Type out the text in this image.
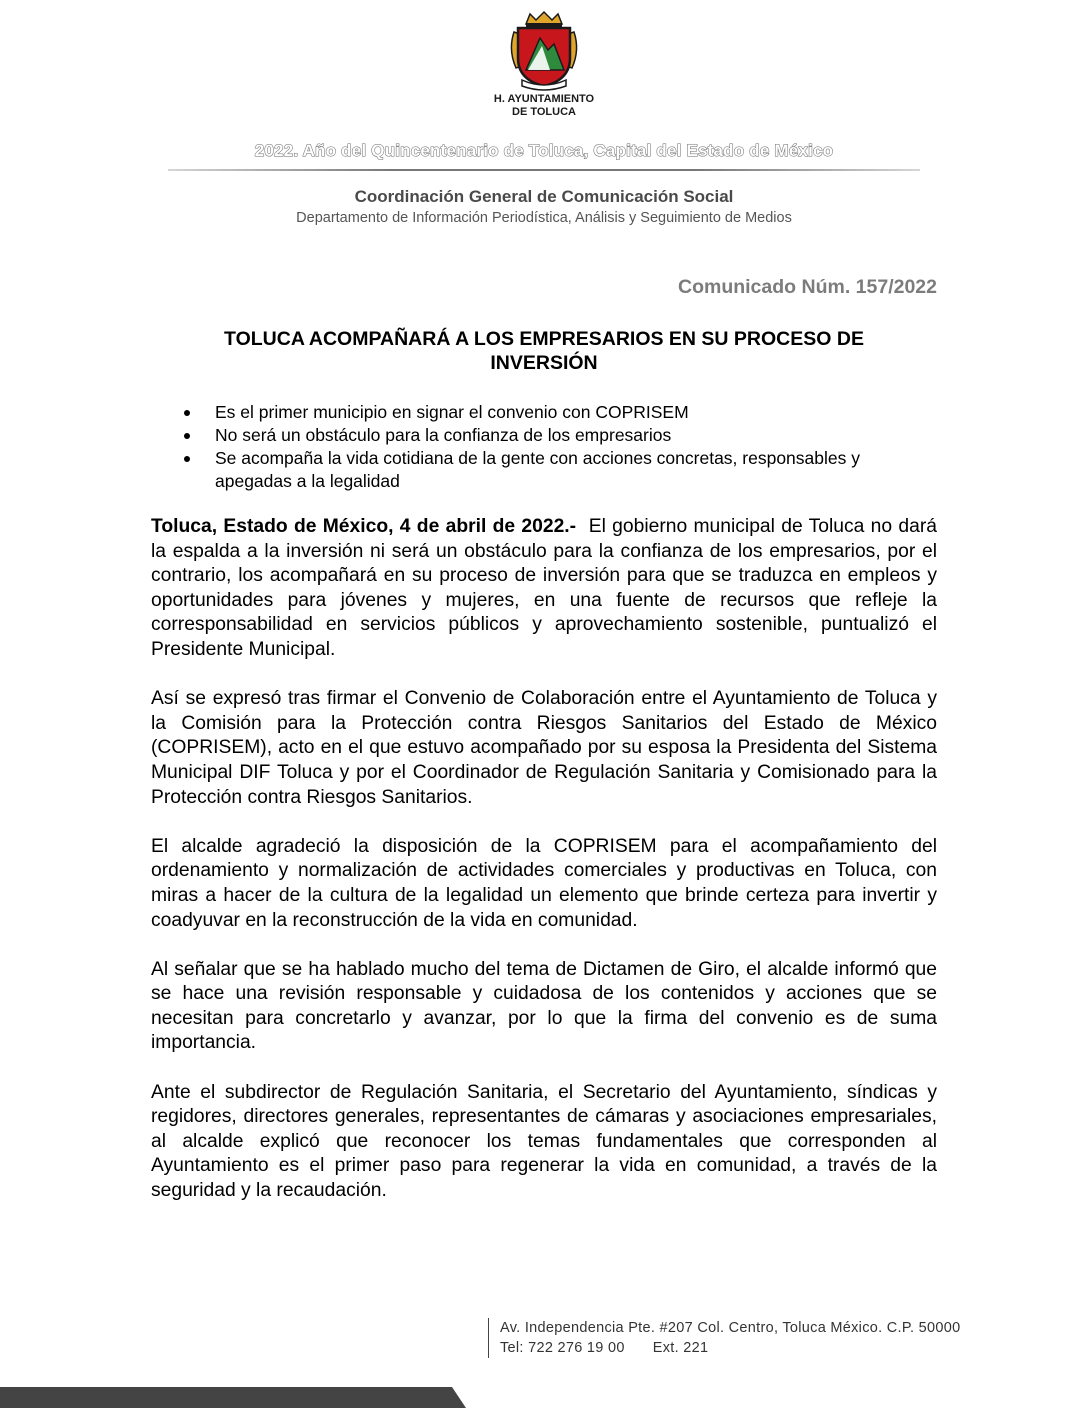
H. AYUNTAMIENTO
DE TOLUCA
2022. Año del Quincentenario de Toluca, Capital del Estado de México
Coordinación General de Comunicación Social
Departamento de Información Periodística, Análisis y Seguimiento de Medios
Comunicado Núm. 157/2022
TOLUCA ACOMPAÑARÁ A LOS EMPRESARIOS EN SU PROCESO DE
INVERSIÓN
Es el primer municipio en signar el convenio con COPRISEM
No será un obstáculo para la confianza de los empresarios
Se acompaña la vida cotidiana de la gente con acciones concretas, responsables y apegadas a la legalidad

Toluca, Estado de México, 4 de abril de 2022.- El gobierno municipal de Toluca no dará la espalda a la inversión ni será un obstáculo para la confianza de los empresarios, por el contrario, los acompañará en su proceso de inversión para que se traduzca en empleos y oportunidades para jóvenes y mujeres, en una fuente de recursos que refleje la corresponsabilidad en servicios públicos y aprovechamiento sostenible, puntualizó el Presidente Municipal.

Así se expresó tras firmar el Convenio de Colaboración entre el Ayuntamiento de Toluca y la Comisión para la Protección contra Riesgos Sanitarios del Estado de México (COPRISEM), acto en el que estuvo acompañado por su esposa la Presidenta del Sistema Municipal DIF Toluca y por el Coordinador de Regulación Sanitaria y Comisionado para la Protección contra Riesgos Sanitarios.

El alcalde agradeció la disposición de la COPRISEM para el acompañamiento del ordenamiento y normalización de actividades comerciales y productivas en Toluca, con miras a hacer de la cultura de la legalidad un elemento que brinde certeza para invertir y coadyuvar en la reconstrucción de la vida en comunidad.

Al señalar que se ha hablado mucho del tema de Dictamen de Giro, el alcalde informó que se hace una revisión responsable y cuidadosa de los contenidos y acciones que se necesitan para concretarlo y avanzar, por lo que la firma del convenio es de suma importancia.

Ante el subdirector de Regulación Sanitaria, el Secretario del Ayuntamiento, síndicas y regidores, directores generales, representantes de cámaras y asociaciones empresariales, al alcalde explicó que reconocer los temas fundamentales que corresponden al Ayuntamiento es el primer paso para regenerar la vida en comunidad, a través de la seguridad y la recaudación.

Av. Independencia Pte. #207 Col. Centro, Toluca México. C.P. 50000
Tel: 722 276 19 00 Ext. 221
